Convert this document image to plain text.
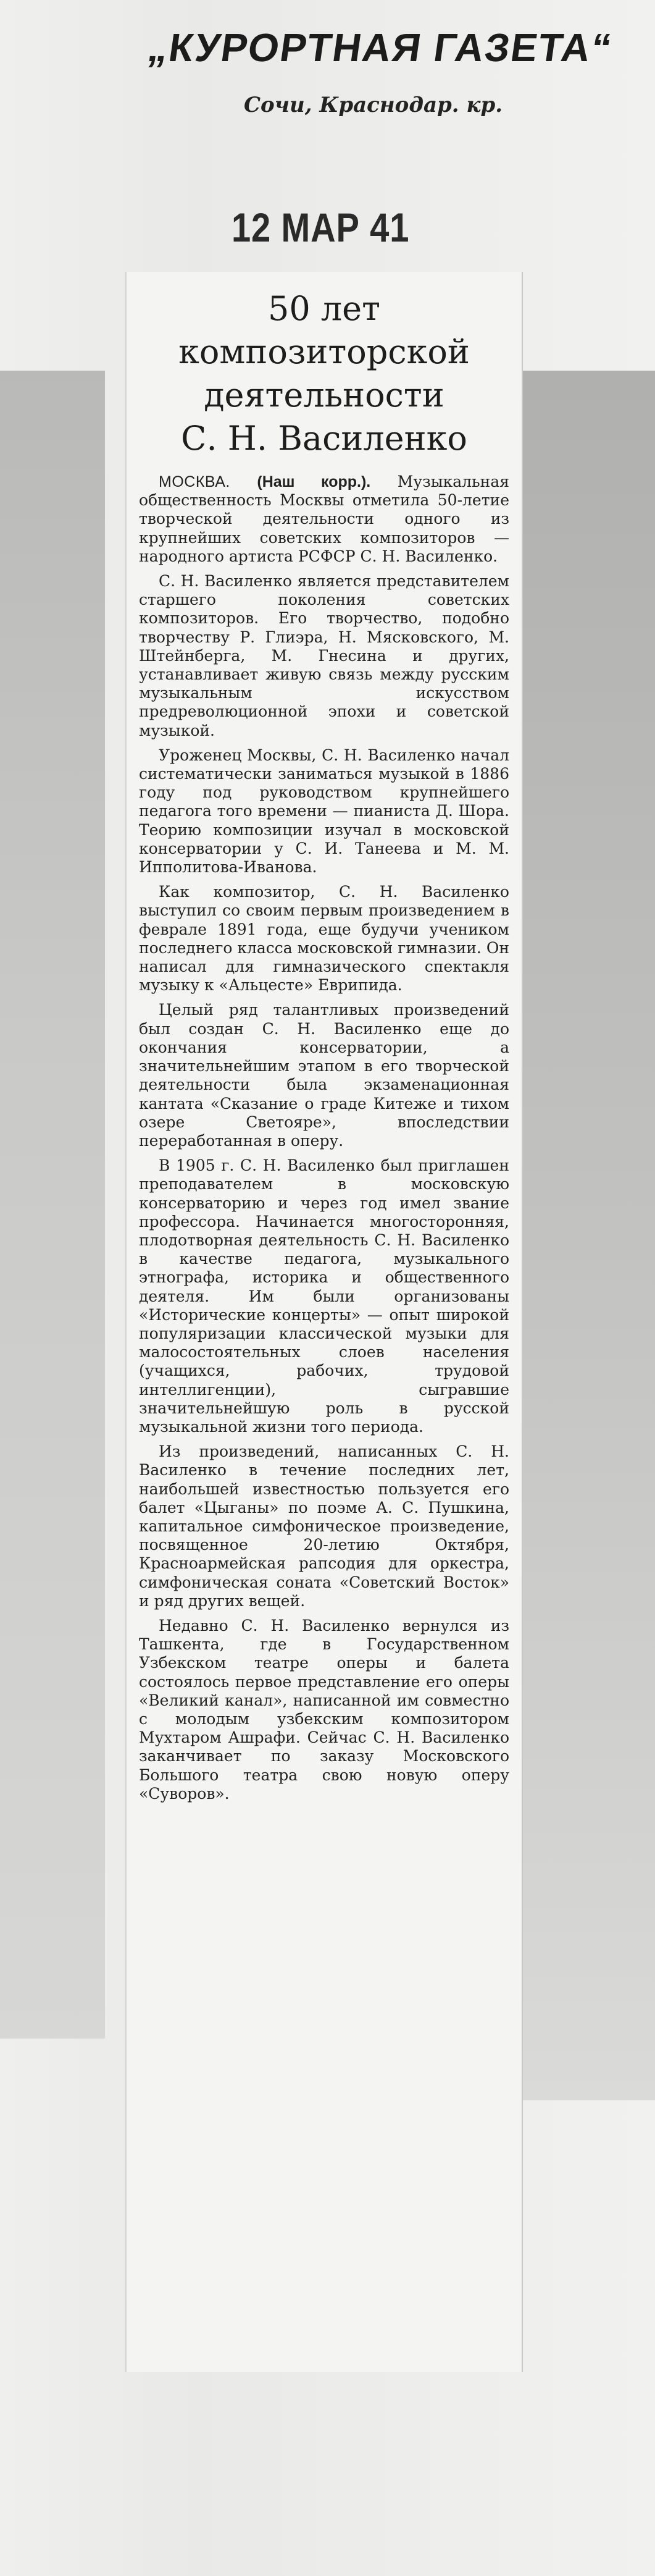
„КУРОРТНАЯ ГАЗЕТА“
Сочи, Краснодар. кр.
12 МАР 41
50 лет
композиторской
деятельности
С. Н. Василенко

МОСКВА. (Наш корр.). Музыкальная общественность Москвы отметила 50-летие творческой деятельности одного из крупнейших советских композиторов — народного артиста РСФСР С. Н. Василенко.

С. Н. Василенко является представителем старшего поколения советских композиторов. Его творчество, подобно творчеству Р. Глиэра, Н. Мясковского, М. Штейнберга, М. Гнесина и других, устанавливает живую связь между русским музыкальным искусством предреволюционной эпохи и советской музыкой.

Уроженец Москвы, С. Н. Василенко начал систематически заниматься музыкой в 1886 году под руководством крупнейшего педагога того времени — пианиста Д. Шора. Теорию композиции изучал в московской консерватории у С. И. Танеева и М. М. Ипполитова-Иванова.

Как композитор, С. Н. Василенко выступил со своим первым произведением в феврале 1891 года, еще будучи учеником последнего класса московской гимназии. Он написал для гимназического спектакля музыку к «Альцесте» Еврипида.

Целый ряд талантливых произведений был создан С. Н. Василенко еще до окончания консерватории, а значительнейшим этапом в его творческой деятельности была экзаменационная кантата «Сказание о граде Китеже и тихом озере Светояре», впоследствии переработанная в оперу.

В 1905 г. С. Н. Василенко был приглашен преподавателем в московскую консерваторию и через год имел звание профессора. Начинается многосторонняя, плодотворная деятельность С. Н. Василенко в качестве педагога, музыкального этнографа, историка и общественного деятеля. Им были организованы «Исторические концерты» — опыт широкой популяризации классической музыки для малосостоятельных слоев населения (учащихся, рабочих, трудовой интеллигенции), сыгравшие значительнейшую роль в русской музыкальной жизни того периода.

Из произведений, написанных С. Н. Василенко в течение последних лет, наибольшей известностью пользуется его балет «Цыганы» по поэме А. С. Пушкина, капитальное симфоническое произведение, посвященное 20-летию Октября, Красноармейская рапсодия для оркестра, симфоническая соната «Советский Восток» и ряд других вещей.

Недавно С. Н. Василенко вернулся из Ташкента, где в Государственном Узбекском театре оперы и балета состоялось первое представление его оперы «Великий канал», написанной им совместно с молодым узбекским композитором Мухтаром Ашрафи. Сейчас С. Н. Василенко заканчивает по заказу Московского Большого театра свою новую оперу «Суворов».
